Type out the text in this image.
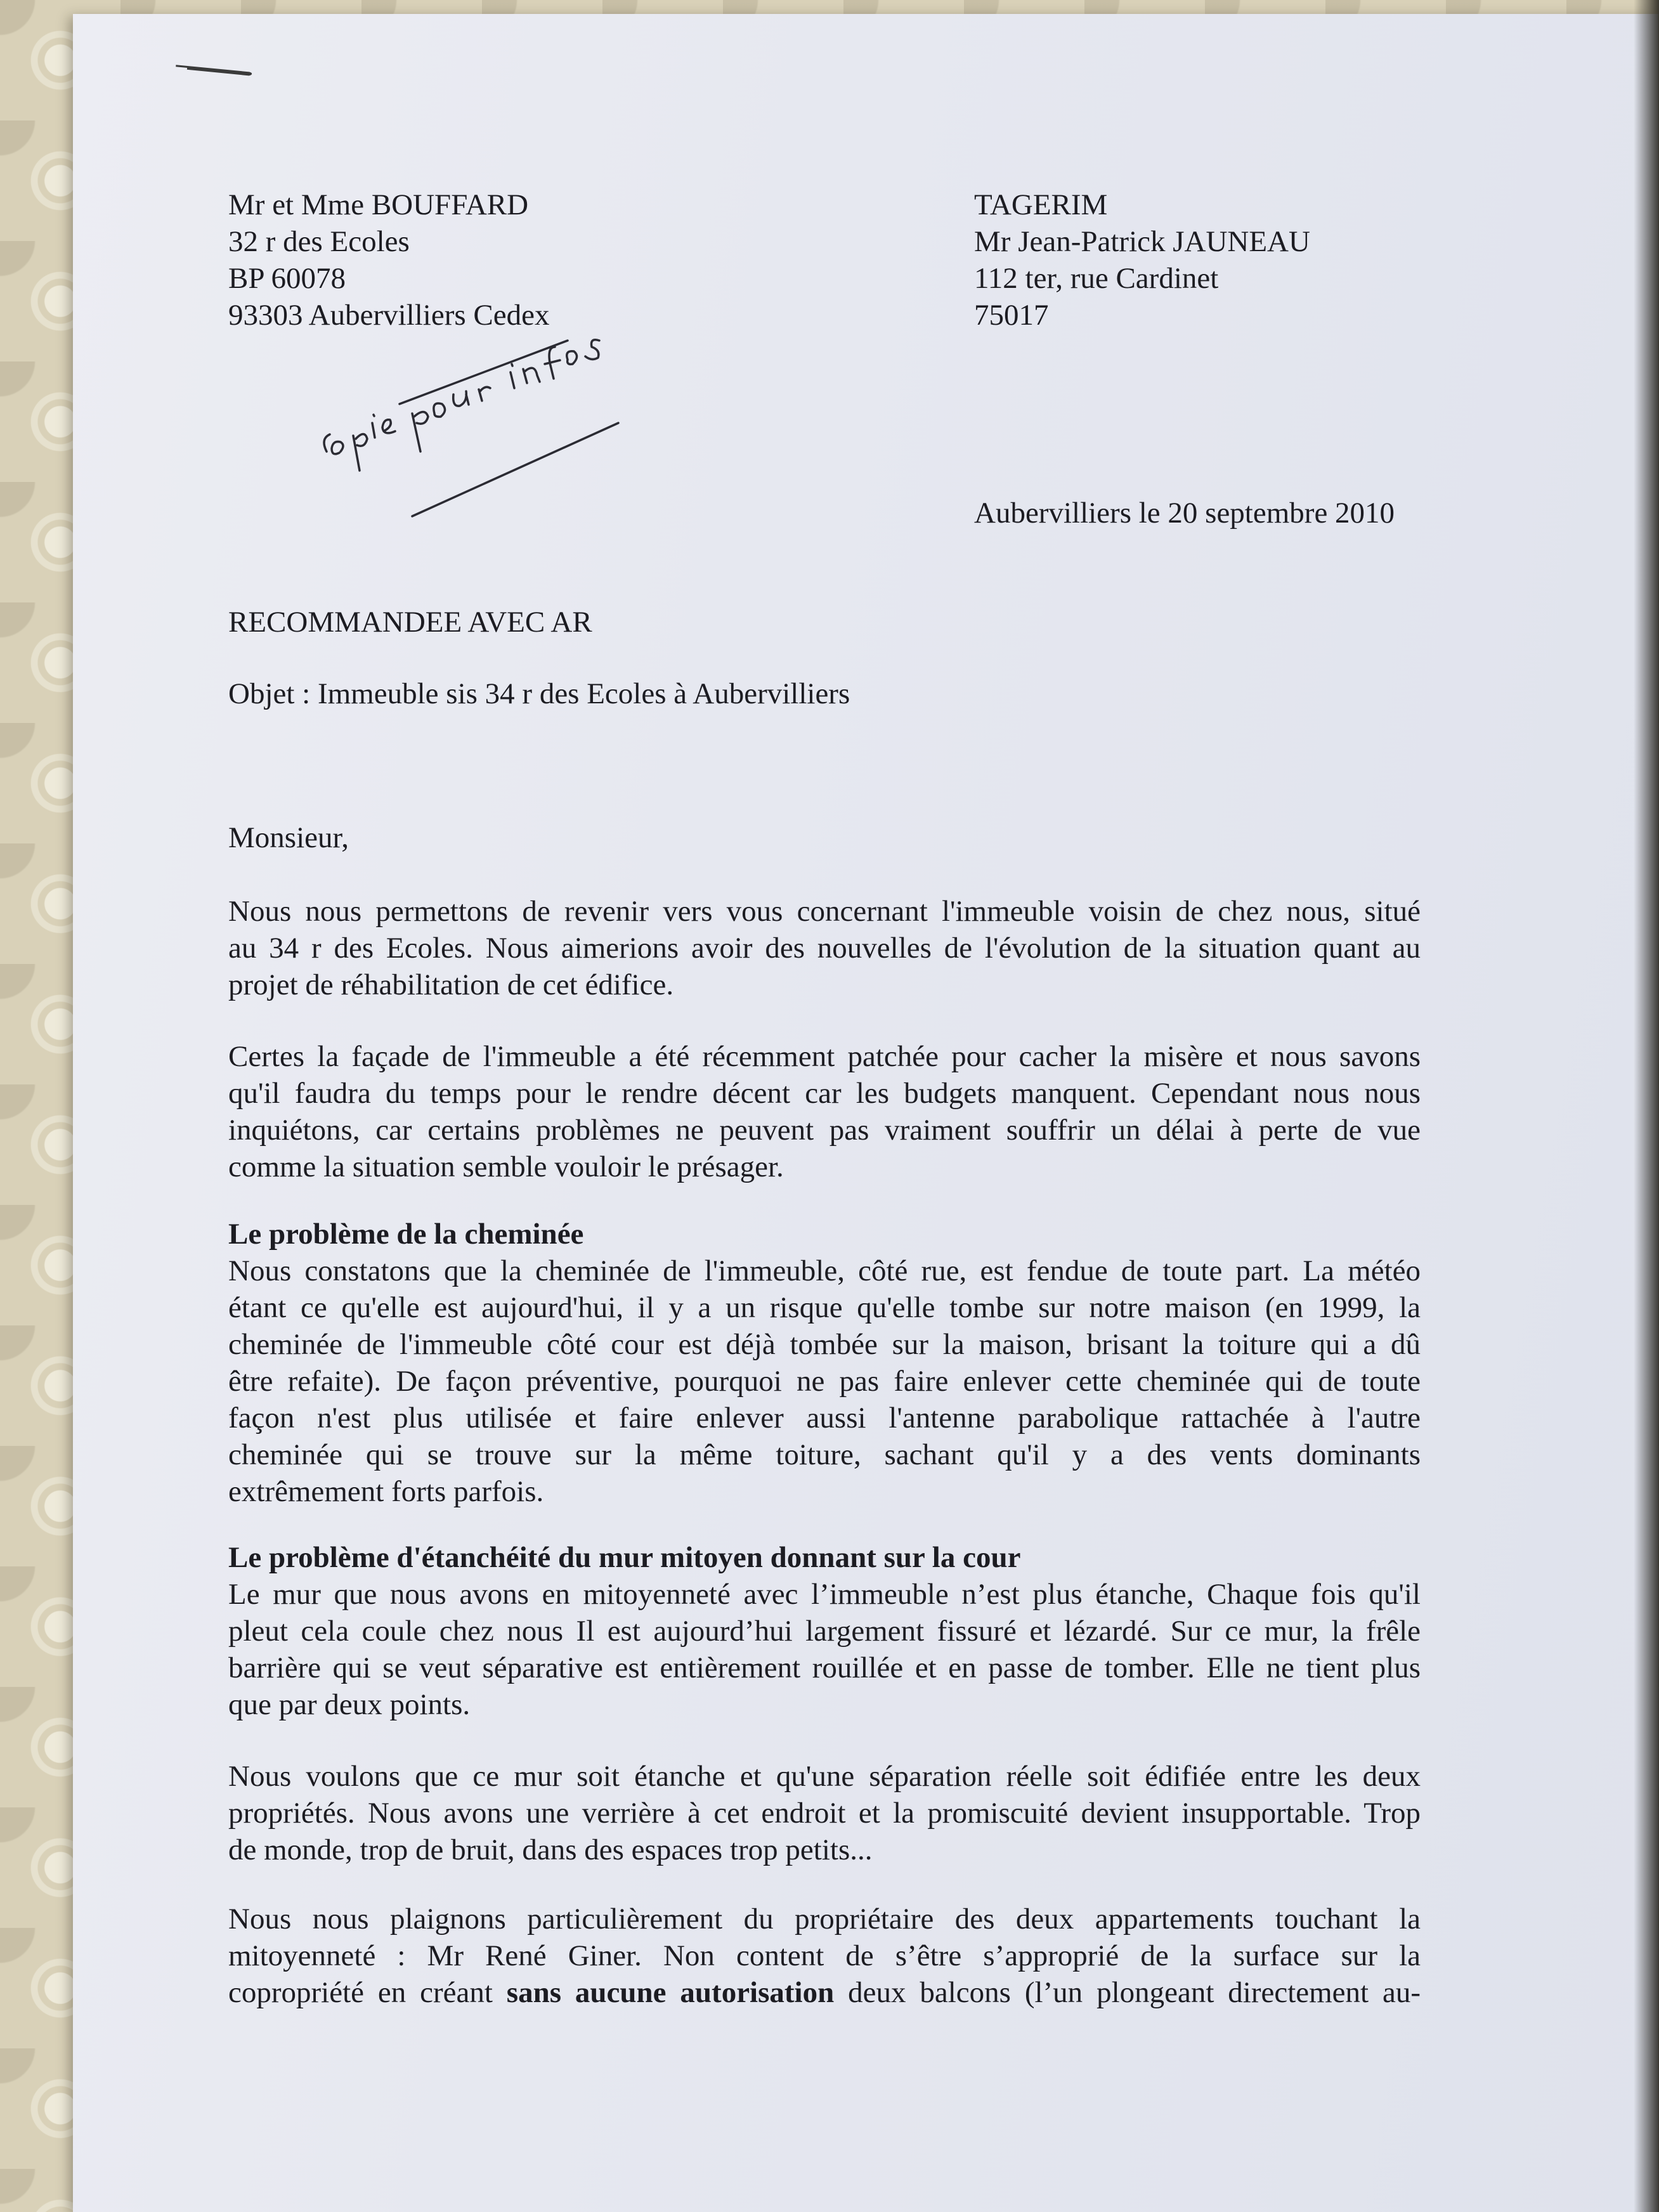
Mr et Mme BOUFFARD
32 r des Ecoles
BP 60078
93303 Aubervilliers Cedex
TAGERIM
Mr Jean-Patrick JAUNEAU
112 ter, rue Cardinet
75017
Aubervilliers le 20 septembre 2010
RECOMMANDEE AVEC AR
Objet : Immeuble sis 34 r des Ecoles à Aubervilliers
Monsieur,
Nous nous permettons de revenir vers vous concernant l'immeuble voisin de chez nous, situé
au 34 r des Ecoles. Nous aimerions avoir des nouvelles de l'évolution de la situation quant au
projet de réhabilitation de cet édifice.
Certes la façade de l'immeuble a été récemment patchée pour cacher la misère et nous savons
qu'il faudra du temps pour le rendre décent car les budgets manquent. Cependant nous nous
inquiétons, car certains problèmes ne peuvent pas vraiment souffrir un délai à perte de vue
comme la situation semble vouloir le présager.
Le problème de la cheminée
Nous constatons que la cheminée de l'immeuble, côté rue, est fendue de toute part. La météo
étant ce qu'elle est aujourd'hui, il y a un risque qu'elle tombe sur notre maison (en 1999, la
cheminée de l'immeuble côté cour est déjà tombée sur la maison, brisant la toiture qui a dû
être refaite). De façon préventive, pourquoi ne pas faire enlever cette cheminée qui de toute
façon n'est plus utilisée et faire enlever aussi l'antenne parabolique rattachée à l'autre
cheminée qui se trouve sur la même toiture, sachant qu'il y a des vents dominants
extrêmement forts parfois.
Le problème d'étanchéité du mur mitoyen donnant sur la cour
Le mur que nous avons en mitoyenneté avec l’immeuble n’est plus étanche, Chaque fois qu'il
pleut cela coule chez nous Il est aujourd’hui largement fissuré et lézardé. Sur ce mur, la frêle
barrière qui se veut séparative est entièrement rouillée et en passe de tomber. Elle ne tient plus
que par deux points.
Nous voulons que ce mur soit étanche et qu'une séparation réelle soit édifiée entre les deux
propriétés. Nous avons une verrière à cet endroit et la promiscuité devient insupportable. Trop
de monde, trop de bruit, dans des espaces trop petits...
Nous nous plaignons particulièrement du propriétaire des deux appartements touchant la
mitoyenneté : Mr René Giner. Non content de s’être s’approprié de la surface sur la
copropriété en créant sans aucune autorisation deux balcons (l’un plongeant directement au-
